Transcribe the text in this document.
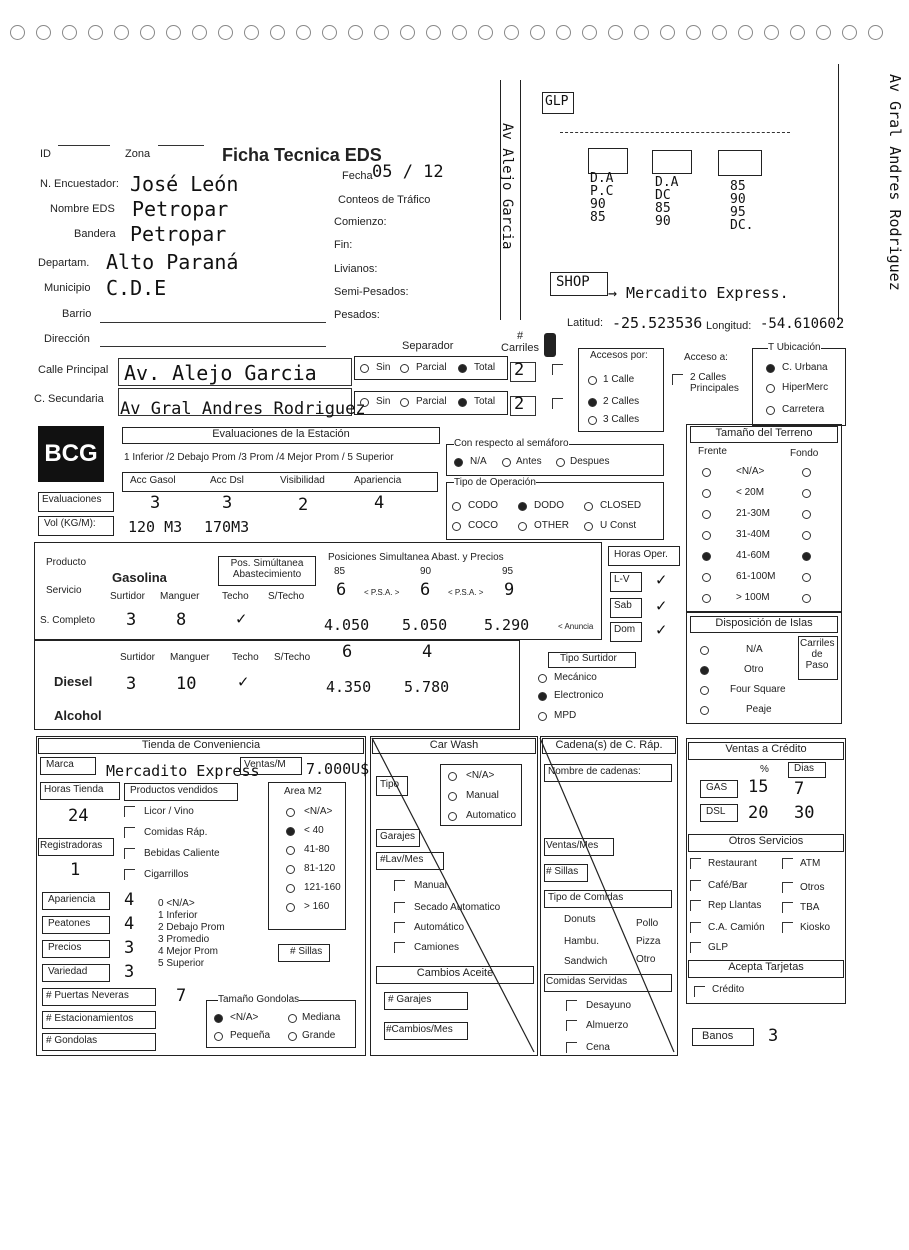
ID	Zona	Ficha Tecnica EDS
N. Encuestador: José León
Nombre EDS Petropar
Bandera Petropar
Departam. Alto Paraná
Municipio C.D.E
Barrio
Dirección
Fecha 05 / 12
Conteos de Tráfico
Comienzo:
Fin:
Livianos:
Semi-Pesados:
Pesados:
Av Alejo Garcia	Av Gral Andres Rodriguez
GLP
D.A
P.C
90
85
D.A
DC
85
90
85
90
95
DC.
SHOP
→ Mercadito Express.
Separador
# Carriles
Latitud: -25.523536 Longitud: -54.610602
Calle Principal Av. Alejo Garcia
C. Secundaria Av Gral Andres Rodriguez
Sin	Parcial	Total
Sin	Parcial	Total
2
2
Accesos por:
1 Calle
2 Calles
3 Calles
Acceso a:
2 Calles Principales
T Ubicación
C. Urbana
HiperMerc
Carretera
BCG
Evaluaciones de la Estación
1 Inferior /2 Debajo Prom /3 Prom /4 Mejor Prom / 5 Superior
Acc Gasol	Acc Dsl	Visibilidad	Apariencia
Evaluaciones	3	3	2	4
Vol (KG/M): 120 M3 170M3
Con respecto al semáforo
N/A	Antes	Despues
Tipo de Operación
CODO	DODO	CLOSED
COCO	OTHER	U Const
Tamaño del Terreno
Frente	Fondo
<N/A>
< 20M
21-30M
31-40M
41-60M
61-100M
> 100M
Producto
Servicio
Gasolina
Pos. Simúltanea Abastecimiento
Posiciones Simultanea Abast. y Precios
Surtidor Manguer Techo S/Techo
S. Completo 3 8	✓
85	90	95
6	6	9
< P.S.A. >	< P.S.A. >
4.050 5.050 5.290	< Anuncia
Horas Oper.
L-V ✓
Sab ✓
Dom ✓	Disposición de Islas
N/A
Otro
Four Square
Peaje
Carriles de Paso
Surtidor Manguer Techo S/Techo
Diesel 3 10 ✓
6	4
4.350 5.780
Alcohol
Tipo Surtidor
Mecánico
Electronico
MPD
Tienda de Conveniencia
Marca Mercadito Express
Ventas/M 7.000U$
Horas Tienda
24
Productos vendidos
Licor / Vino
Comidas Ráp.
Bebidas Caliente
Cigarrillos
Registradoras
1
Area M2
<N/A>
< 40
41-80
81-120
121-160
> 160
Apariencia 4
Peatones 4
Precios	3
Variedad 3
0 <N/A>
1 Inferior
2 Debajo Prom
3 Promedio
4 Mejor Prom
5 Superior
# Sillas
# Puertas Neveras	7
# Estacionamientos
# Gondolas
Tamaño Gondolas
<N/A>	Mediana
Pequeña	Grande
Car Wash
Tipo
<N/A>
Manual
Automatico
Garajes
#Lav/Mes
Manual
Secado Automatico
Automático
Camiones
Cambios Aceite
# Garajes
#Cambios/Mes
Cadena(s) de C. Ráp.
Nombre de cadenas:
Ventas/Mes
# Sillas
Tipo de Comidas
Donuts	Pollo
Hambu.	Pizza
Sandwich	Otro
Comidas Servidas
Desayuno
Almuerzo
Cena
Ventas a Crédito
%	Dias
GAS 15 7
DSL 20 30
Otros Servicios
Restaurant	ATM
Café/Bar	Otros
Rep Llantas	TBA
C.A. Camión	Kiosko
GLP
Acepta Tarjetas
Crédito
Banos 3
